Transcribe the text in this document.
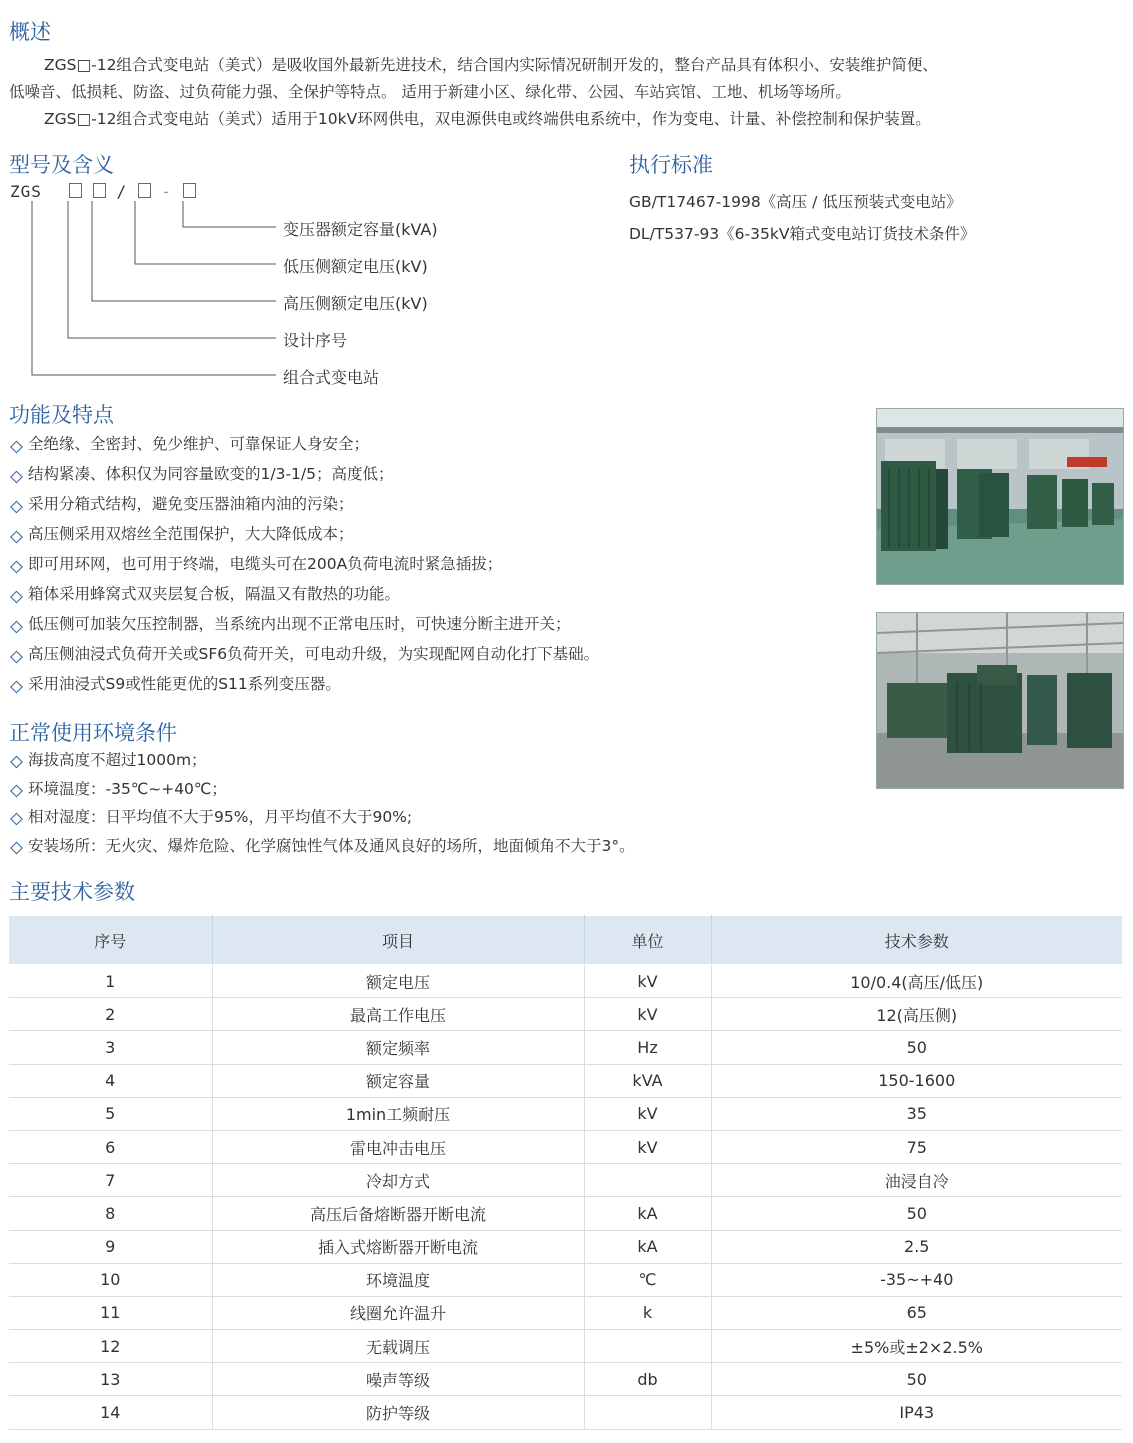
概述
ZGS□-12组合式变电站（美式）是吸收国外最新先进技术，结合国内实际情况研制开发的，整台产品具有体积小、安装维护简便、
低噪音、低损耗、防盗、过负荷能力强、全保护等特点。 适用于新建小区、绿化带、公园、车站宾馆、工地、机场等场所。
ZGS□-12组合式变电站（美式）适用于10kV环网供电，双电源供电或终端供电系统中，作为变电、计量、补偿控制和保护装置。
型号及含义
ZGS	/ -
变压器额定容量(kVA)
低压侧额定电压(kV)
高压侧额定电压(kV)
设计序号
组合式变电站
执行标准
GB/T17467-1998《高压 / 低压预装式变电站》
DL/T537-93《6-35kV箱式变电站订货技术条件》
功能及特点
全绝缘、全密封、免少维护、可靠保证人身安全；
结构紧凑、体积仅为同容量欧变的1/3-1/5；高度低；
采用分箱式结构，避免变压器油箱内油的污染；
高压侧采用双熔丝全范围保护，大大降低成本；
即可用环网，也可用于终端，电缆头可在200A负荷电流时紧急插拔；
箱体采用蜂窝式双夹层复合板，隔温又有散热的功能。
低压侧可加装欠压控制器，当系统内出现不正常电压时，可快速分断主进开关；
高压侧油浸式负荷开关或SF6负荷开关，可电动升级，为实现配网自动化打下基础。
采用油浸式S9或性能更优的S11系列变压器。
正常使用环境条件
海拔高度不超过1000m；
环境温度：-35℃~+40℃；
相对湿度：日平均值不大于95%，月平均值不大于90%;
安装场所：无火灾、爆炸危险、化学腐蚀性气体及通风良好的场所，地面倾角不大于3°。
主要技术参数
序号	项目	单位	技术参数
1	额定电压	kV	10/0.4(高压/低压)
2	最高工作电压	kV	12(高压侧)
3	额定频率	Hz	50
4	额定容量	kVA	150-1600
5	1min工频耐压	kV	35
6	雷电冲击电压	kV	75
7	冷却方式		油浸自冷
8	高压后备熔断器开断电流	kA	50
9	插入式熔断器开断电流	kA	2.5
10	环境温度	℃	-35~+40
11	线圈允许温升	k	65
12	无载调压		±5%或±2×2.5%
13	噪声等级	db	50
14	防护等级		IP43
